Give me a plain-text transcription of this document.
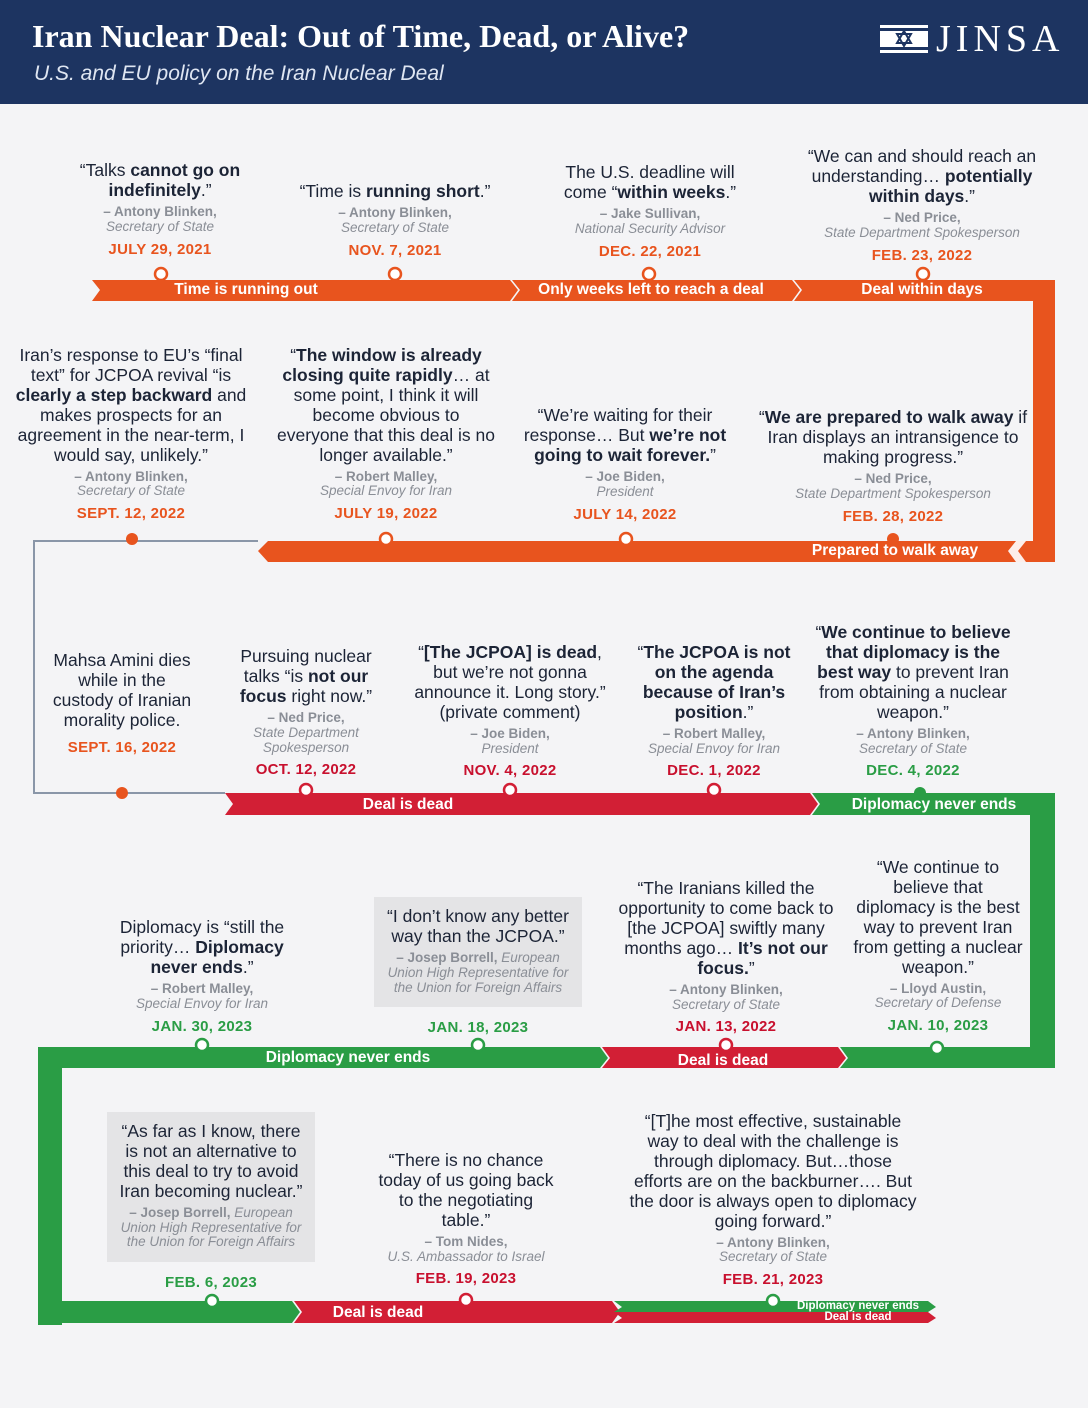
Iran Nuclear Deal: Out of Time, Dead, or Alive?
U.S. and EU policy on the Iran Nuclear Deal
JINSA
Time is running out	Only weeks left to reach a deal	Deal within days
Prepared to walk away
Deal is dead	Diplomacy never ends
Diplomacy never ends	Deal is dead
Deal is dead	Diplomacy never ends
Deal is dead
“Talks cannot go on indefinitely.”
– Antony Blinken,
Secretary of State
JULY 29, 2021
“Time is running short.”
– Antony Blinken,
Secretary of State
NOV. 7, 2021
The U.S. deadline will come “within weeks.”
– Jake Sullivan,
National Security Advisor
DEC. 22, 2021
“We can and should reach an understanding… potentially within days.”
– Ned Price,
State Department Spokesperson
FEB. 23, 2022
Iran’s response to EU’s “final text” for JCPOA revival “is clearly a step backward and makes prospects for an agreement in the near-term, I would say, unlikely.”
– Antony Blinken,
Secretary of State
SEPT. 12, 2022
“The window is already closing quite rapidly… at some point, I think it will become obvious to everyone that this deal is no longer available.”
– Robert Malley,
Special Envoy for Iran
JULY 19, 2022
“We’re waiting for their response… But we’re not going to wait forever.”
– Joe Biden,
President
JULY 14, 2022
“We are prepared to walk away if Iran displays an intransigence to making progress.”
– Ned Price,
State Department Spokesperson
FEB. 28, 2022
Mahsa Amini dies while in the custody of Iranian morality police.
SEPT. 16, 2022
Pursuing nuclear talks “is not our focus right now.”
– Ned Price,
State Department Spokesperson
OCT. 12, 2022
“[The JCPOA] is dead, but we’re not gonna announce it. Long story.” (private comment)
– Joe Biden,
President
NOV. 4, 2022
“The JCPOA is not on the agenda because of Iran’s position.”
– Robert Malley,
Special Envoy for Iran
DEC. 1, 2022
“We continue to believe that diplomacy is the best way to prevent Iran from obtaining a nuclear weapon.”
– Antony Blinken,
Secretary of State
DEC. 4, 2022
Diplomacy is “still the priority… Diplomacy never ends.”
– Robert Malley,
Special Envoy for Iran
JAN. 30, 2023
“I don’t know any better way than the JCPOA.”
– Josep Borrell, European Union High Representative for the Union for Foreign Affairs
JAN. 18, 2023
“The Iranians killed the opportunity to come back to [the JCPOA] swiftly many months ago… It’s not our focus.”
– Antony Blinken,
Secretary of State
JAN. 13, 2022
“We continue to believe that diplomacy is the best way to prevent Iran from getting a nuclear weapon.”
– Lloyd Austin,
Secretary of Defense
JAN. 10, 2023
“As far as I know, there is not an alternative to this deal to try to avoid Iran becoming nuclear.”
– Josep Borrell, European Union High Representative for the Union for Foreign Affairs
FEB. 6, 2023
“There is no chance today of us going back to the negotiating table.”
– Tom Nides,
U.S. Ambassador to Israel
FEB. 19, 2023
“[T]he most effective, sustainable way to deal with the challenge is through diplomacy. But…those efforts are on the backburner…. But the door is always open to diplomacy going forward.”
– Antony Blinken,
Secretary of State
FEB. 21, 2023
